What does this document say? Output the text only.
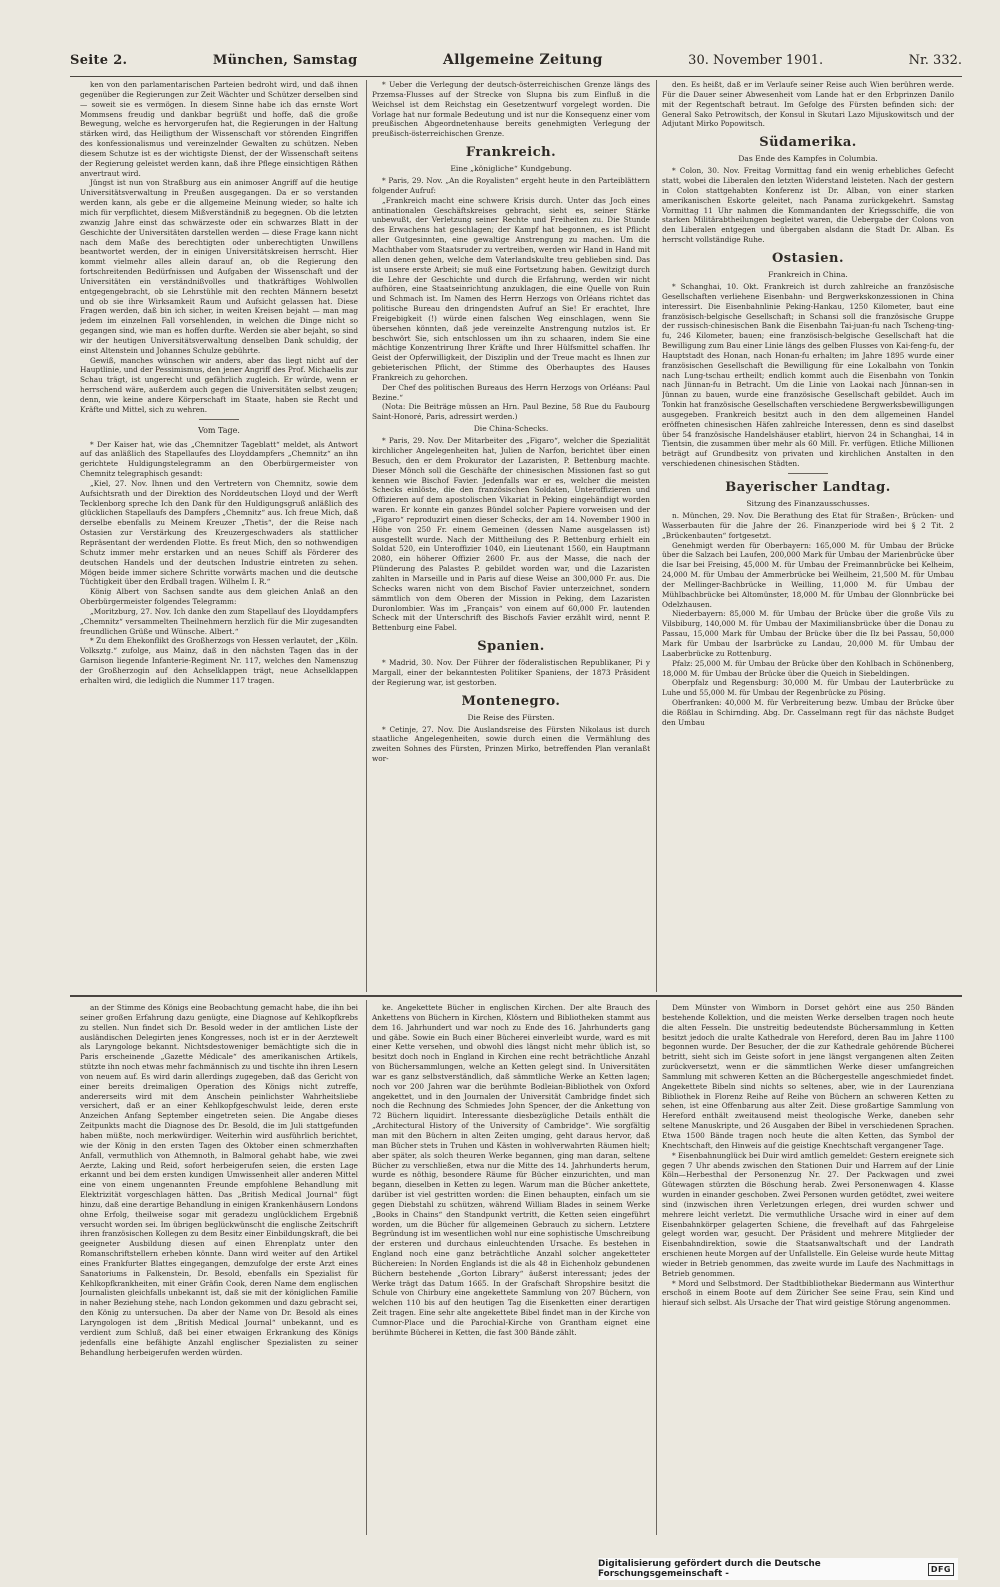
Seite 2.	München, Samstag	Allgemeine Zeitung	30. November 1901.	Nr. 332.

ken von den parlamentarischen Parteien bedroht wird, und daß ihnen gegenüber die Regierungen zur Zeit Wächter und Schützer derselben sind — soweit sie es vermögen. In diesem Sinne habe ich das ernste Wort Mommsens freudig und dankbar begrüßt und hoffe, daß die große Bewegung, welche es hervorgerufen hat, die Regierungen in der Haltung stärken wird, das Heiligthum der Wissenschaft vor störenden Eingriffen des konfessionalismus und vereinzelnder Gewalten zu schützen. Neben diesem Schutze ist es der wichtigste Dienst, der der Wissenschaft seitens der Regierung geleistet werden kann, daß ihre Pflege einsichtigen Räthen anvertraut wird.

Jüngst ist nun von Straßburg aus ein animoser Angriff auf die heutige Universitätsverwaltung in Preußen ausgegangen. Da er so verstanden werden kann, als gebe er die allgemeine Meinung wieder, so halte ich mich für verpflichtet, diesem Mißverständniß zu begegnen. Ob die letzten zwanzig Jahre einst das schwärzeste oder ein schwarzes Blatt in der Geschichte der Universitäten darstellen werden — diese Frage kann nicht nach dem Maße des berechtigten oder unberechtigten Unwillens beantwortet werden, der in einigen Universitätskreisen herrscht. Hier kommt vielmehr alles allein darauf an, ob die Regierung den fortschreitenden Bedürfnissen und Aufgaben der Wissenschaft und der Universitäten ein verständnißvolles und thatkräftiges Wohlwollen entgegengebracht, ob sie Lehrstühle mit den rechten Männern besetzt und ob sie ihre Wirksamkeit Raum und Aufsicht gelassen hat. Diese Fragen werden, daß bin ich sicher, in weiten Kreisen bejaht — man mag jedem im einzelnen Fall vorsehlenden, in welchen die Dinge nicht so gegangen sind, wie man es hoffen durfte. Werden sie aber bejaht, so sind wir der heutigen Universitätsverwaltung denselben Dank schuldig, der einst Altenstein und Johannes Schulze gebührte.

Gewiß, manches wünschen wir anders, aber das liegt nicht auf der Hauptlinie, und der Pessimismus, den jener Angriff des Prof. Michaelis zur Schau trägt, ist ungerecht und gefährlich zugleich. Er würde, wenn er herrschend wäre, außerdem auch gegen die Universitäten selbst zeugen; denn, wie keine andere Körperschaft im Staate, haben sie Recht und Kräfte und Mittel, sich zu wehren.

Vom Tage.

* Der Kaiser hat, wie das „Chemnitzer Tageblatt“ meldet, als Antwort auf das anläßlich des Stapellaufes des Lloyddampfers „Chemnitz“ an ihn gerichtete Huldigungstelegramm an den Oberbürgermeister von Chemnitz telegraphisch gesandt:

„Kiel, 27. Nov. Ihnen und den Vertretern von Chemnitz, sowie dem Aufsichtsrath und der Direktion des Norddeutschen Lloyd und der Werft Tecklenborg spreche Ich den Dank für den Huldigungsgruß anläßlich des glücklichen Stapellaufs des Dampfers „Chemnitz“ aus. Ich freue Mich, daß derselbe ebenfalls zu Meinem Kreuzer „Thetis“, der die Reise nach Ostasien zur Verstärkung des Kreuzergeschwaders als stattlicher Repräsentant der werdenden Flotte. Es freut Mich, den so nothwendigen Schutz immer mehr erstarken und an neues Schiff als Förderer des deutschen Handels und der deutschen Industrie eintreten zu sehen. Mögen beide immer sichere Schritte vorwärts machen und die deutsche Tüchtigkeit über den Erdball tragen. Wilhelm I. R.“

König Albert von Sachsen sandte aus dem gleichen Anlaß an den Oberbürgermeister folgendes Telegramm:

„Moritzburg, 27. Nov. Ich danke den zum Stapellauf des Lloyddampfers „Chemnitz“ versammelten Theilnehmern herzlich für die Mir zugesandten freundlichen Grüße und Wünsche. Albert.“

* Zu dem Ehekonflikt des Großherzogs von Hessen verlautet, der „Köln. Volksztg.“ zufolge, aus Mainz, daß in den nächsten Tagen das in der Garnison liegende Infanterie-Regiment Nr. 117, welches den Namenszug der Großherzogin auf den Achselklappen trägt, neue Achselklappen erhalten wird, die lediglich die Nummer 117 tragen.

* Ueber die Verlegung der deutsch-österreichischen Grenze längs des Przemsa-Flusses auf der Strecke von Slupna bis zum Einfluß in die Weichsel ist dem Reichstag ein Gesetzentwurf vorgelegt worden. Die Vorlage hat nur formale Bedeutung und ist nur die Konsequenz einer vom preußischen Abgeordnetenhause bereits genehmigten Verlegung der preußisch-österreichischen Grenze.

Frankreich.
Eine „königliche“ Kundgebung.

* Paris, 29. Nov. „An die Royalisten“ ergeht heute in den Parteiblättern folgender Aufruf:

„Frankreich macht eine schwere Krisis durch. Unter das Joch eines antinationalen Geschäftskreises gebracht, sieht es, seiner Stärke unbewußt, der Verletzung seiner Rechte und Freiheiten zu. Die Stunde des Erwachens hat geschlagen; der Kampf hat begonnen, es ist Pflicht aller Gutgesinnten, eine gewaltige Anstrengung zu machen. Um die Machthaber vom Staatsruder zu vertreiben, werden wir Hand in Hand mit allen denen gehen, welche dem Vaterlandskulte treu geblieben sind. Das ist unsere erste Arbeit; sie muß eine Fortsetzung haben. Gewitzigt durch die Lehre der Geschichte und durch die Erfahrung, werden wir nicht aufhören, eine Staatseinrichtung anzuklagen, die eine Quelle von Ruin und Schmach ist. Im Namen des Herrn Herzogs von Orléans richtet das politische Bureau den dringendsten Aufruf an Sie! Er erachtet, Ihre Freigebigkeit (!) würde einen falschen Weg einschlagen, wenn Sie übersehen könnten, daß jede vereinzelte Anstrengung nutzlos ist. Er beschwört Sie, sich entschlossen um ihn zu schaaren, indem Sie eine mächtige Konzentrirung Ihrer Kräfte und Ihrer Hülfsmittel schaffen. Ihr Geist der Opferwilligkeit, der Disziplin und der Treue macht es Ihnen zur gebieterischen Pflicht, der Stimme des Oberhauptes des Hauses Frankreich zu gehorchen.

Der Chef des politischen Bureaus des Herrn Herzogs von Orléans: Paul Bezine.“

(Nota: Die Beiträge müssen an Hrn. Paul Bezine, 58 Rue du Faubourg Saint-Honoré, Paris, adressirt werden.)

Die China-Schecks.

* Paris, 29. Nov. Der Mitarbeiter des „Figaro“, welcher die Spezialität kirchlicher Angelegenheiten hat, Julien de Narfon, berichtet über einen Besuch, den er dem Prokurator der Lazaristen, P. Bettenburg machte. Dieser Mönch soll die Geschäfte der chinesischen Missionen fast so gut kennen wie Bischof Favier. Jedenfalls war er es, welcher die meisten Schecks einlöste, die den französischen Soldaten, Unteroffizieren und Offizieren auf dem apostolischen Vikariat in Peking eingehändigt worden waren. Er konnte ein ganzes Bündel solcher Papiere vorweisen und der „Figaro“ reproduzirt einen dieser Schecks, der am 14. November 1900 in Höhe von 250 Fr. einem Gemeinen (dessen Name ausgelassen ist) ausgestellt wurde. Nach der Mittheilung des P. Bettenburg erhielt ein Soldat 520, ein Unteroffizier 1040, ein Lieutenant 1560, ein Hauptmann 2080, ein höherer Offizier 2600 Fr. aus der Masse, die nach der Plünderung des Palastes P. gebildet worden war, und die Lazaristen zahlten in Marseille und in Paris auf diese Weise an 300,000 Fr. aus. Die Schecks waren nicht von dem Bischof Favier unterzeichnet, sondern sämmtlich von dem Oberen der Mission in Peking, dem Lazaristen Duronlombier. Was im „Français“ von einem auf 60,000 Fr. lautenden Scheck mit der Unterschrift des Bischofs Favier erzählt wird, nennt P. Bettenburg eine Fabel.

Spanien.

* Madrid, 30. Nov. Der Führer der föderalistischen Republikaner, Pi y Margall, einer der bekanntesten Politiker Spaniens, der 1873 Präsident der Regierung war, ist gestorben.

Montenegro.
Die Reise des Fürsten.

* Cetinje, 27. Nov. Die Auslandsreise des Fürsten Nikolaus ist durch staatliche Angelegenheiten, sowie durch einen die Vermählung des zweiten Sohnes des Fürsten, Prinzen Mirko, betreffenden Plan veranlaßt wor-

den. Es heißt, daß er im Verlaufe seiner Reise auch Wien berühren werde. Für die Dauer seiner Abwesenheit vom Lande hat er den Erbprinzen Danilo mit der Regentschaft betraut. Im Gefolge des Fürsten befinden sich: der General Sako Petrowitsch, der Konsul in Skutari Lazo Mijuskowitsch und der Adjutant Mirko Popowitsch.

Südamerika.
Das Ende des Kampfes in Columbia.

* Colon, 30. Nov. Freitag Vormittag fand ein wenig erhebliches Gefecht statt, wobei die Liberalen den letzten Widerstand leisteten. Nach der gestern in Colon stattgehabten Konferenz ist Dr. Alban, von einer starken amerikanischen Eskorte geleitet, nach Panama zurückgekehrt. Samstag Vormittag 11 Uhr nahmen die Kommandanten der Kriegsschiffe, die von starken Militärabtheilungen begleitet waren, die Uebergabe der Colons von den Liberalen entgegen und übergaben alsdann die Stadt Dr. Alban. Es herrscht vollständige Ruhe.

Ostasien.
Frankreich in China.

* Schanghai, 10. Okt. Frankreich ist durch zahlreiche an französische Gesellschaften verliehene Eisenbahn- und Bergwerkskonzessionen in China interessirt. Die Eisenbahnlinie Peking-Hankau, 1250 Kilometer, baut eine französisch-belgische Gesellschaft; in Schansi soll die französische Gruppe der russisch-chinesischen Bank die Eisenbahn Tai-juan-fu nach Tscheng-ting-fu, 246 Kilometer, bauen; eine französisch-belgische Gesellschaft hat die Bewilligung zum Bau einer Linie längs des gelben Flusses von Kai-feng-fu, der Hauptstadt des Honan, nach Honan-fu erhalten; im Jahre 1895 wurde einer französischen Gesellschaft die Bewilligung für eine Lokalbahn von Tonkin nach Lung-tschau ertheilt; endlich kommt auch die Eisenbahn von Tonkin nach Jünnan-fu in Betracht. Um die Linie von Laokai nach Jünnan-sen in Jünnan zu bauen, wurde eine französische Gesellschaft gebildet. Auch im Tonkin hat französische Gesellschaften verschiedene Bergwerksbewilligungen ausgegeben. Frankreich besitzt auch in den dem allgemeinen Handel eröffneten chinesischen Häfen zahlreiche Interessen, denn es sind daselbst über 54 französische Handelshäuser etablirt, hiervon 24 in Schanghai, 14 in Tientsin, die zusammen über mehr als 60 Mill. Fr. verfügen. Etliche Millionen beträgt auf Grundbesitz von privaten und kirchlichen Anstalten in den verschiedenen chinesischen Städten.

Bayerischer Landtag.
Sitzung des Finanzausschusses.

n. München, 29. Nov. Die Berathung des Etat für Straßen-, Brücken- und Wasserbauten für die Jahre der 26. Finanzperiode wird bei § 2 Tit. 2 „Brückenbauten“ fortgesetzt.

Genehmigt werden für Oberbayern: 165,000 M. für Umbau der Brücke über die Salzach bei Laufen, 200,000 Mark für Umbau der Marienbrücke über die Isar bei Freising, 45,000 M. für Umbau der Freimannbrücke bei Kelheim, 24,000 M. für Umbau der Ammerbrücke bei Weilheim, 21,500 M. für Umbau der Mellinger-Bachbrücke in Weilling, 11,000 M. für Umbau der Mühlbachbrücke bei Altomünster, 18,000 M. für Umbau der Glonnbrücke bei Odelzhausen.

Niederbayern: 85,000 M. für Umbau der Brücke über die große Vils zu Vilsbiburg, 140,000 M. für Umbau der Maximiliansbrücke über die Donau zu Passau, 15,000 Mark für Umbau der Brücke über die Ilz bei Passau, 50,000 Mark für Umbau der Isarbrücke zu Landau, 20,000 M. für Umbau der Laaberbrücke zu Rottenburg.

Pfalz: 25,000 M. für Umbau der Brücke über den Kohlbach in Schönenberg, 18,000 M. für Umbau der Brücke über die Queich in Siebeldingen.

Oberpfalz und Regensburg: 30,000 M. für Umbau der Lauterbrücke zu Luhe und 55,000 M. für Umbau der Regenbrücke zu Pösing.

Oberfranken: 40,000 M. für Verbreiterung bezw. Umbau der Brücke über die Rößlau in Schirnding. Abg. Dr. Casselmann regt für das nächste Budget den Umbau

an der Stimme des Königs eine Beobachtung gemacht habe, die ihn bei seiner großen Erfahrung dazu genügte, eine Diagnose auf Kehlkopfkrebs zu stellen. Nun findet sich Dr. Besold weder in der amtlichen Liste der ausländischen Delegirten jenes Kongresses, noch ist er in der Aerztewelt als Laryngologe bekannt. Nichtsdestoweniger bemächtigte sich die in Paris erscheinende „Gazette Médicale“ des amerikanischen Artikels, stützte ihn noch etwas mehr fachmännisch zu und tischte ihn ihren Lesern von neuem auf. Es wird darin allerdings zugegeben, daß das Gericht von einer bereits dreimaligen Operation des Königs nicht zutreffe, andererseits wird mit dem Anschein peinlichster Wahrheitsliebe versichert, daß er an einer Kehlkopfgeschwulst leide, deren erste Anzeichen Anfang September eingetreten seien. Die Angabe dieses Zeitpunkts macht die Diagnose des Dr. Besold, die im Juli stattgefunden haben müßte, noch merkwürdiger. Weiterhin wird ausführlich berichtet, wie der König in den ersten Tagen des Oktober einen schmerzhaften Anfall, vermuthlich von Athemnoth, in Balmoral gehabt habe, wie zwei Aerzte, Laking und Reid, sofort herbeigerufen seien, die ersten Lage erkannt und bei dem ersten kundigen Umwissenheit aller anderen Mittel eine von einem ungenannten Freunde empfohlene Behandlung mit Elektrizität vorgeschlagen hätten. Das „British Medical Journal“ fügt hinzu, daß eine derartige Behandlung in einigen Krankenhäusern Londons ohne Erfolg, theilweise sogar mit geradezu unglücklichem Ergebniß versucht worden sei. Im übrigen beglückwünscht die englische Zeitschrift ihren französischen Kollegen zu dem Besitz einer Einbildungskraft, die bei geeigneter Ausbildung diesen auf einen Ehrenplatz unter den Romanschriftstellern erheben könnte. Dann wird weiter auf den Artikel eines Frankfurter Blattes eingegangen, demzufolge der erste Arzt eines Sanatoriums in Falkenstein, Dr. Besold, ebenfalls ein Spezialist für Kehlkopfkrankheiten, mit einer Gräfin Cook, deren Name dem englischen Journalisten gleichfalls unbekannt ist, daß sie mit der königlichen Familie in naher Beziehung stehe, nach London gekommen und dazu gebracht sei, den König zu untersuchen. Da aber der Name von Dr. Besold als eines Laryngologen ist dem „British Medical Journal“ unbekannt, und es verdient zum Schluß, daß bei einer etwaigen Erkrankung des Königs jedenfalls eine befähigte Anzahl englischer Spezialisten zu seiner Behandlung herbeigerufen werden würden.

ke. Angekettete Bücher in englischen Kirchen. Der alte Brauch des Ankettens von Büchern in Kirchen, Klöstern und Bibliotheken stammt aus dem 16. Jahrhundert und war noch zu Ende des 16. Jahrhunderts gang und gäbe. Sowie ein Buch einer Bücherei einverleibt wurde, ward es mit einer Kette versehen, und obwohl dies längst nicht mehr üblich ist, so besitzt doch noch in England in Kirchen eine recht beträchtliche Anzahl von Büchersammlungen, welche an Ketten gelegt sind. In Universitäten war es ganz selbstverständlich, daß sämmtliche Werke an Ketten lagen; noch vor 200 Jahren war die berühmte Bodleian-Bibliothek von Oxford angekettet, und in den Journalen der Universität Cambridge findet sich noch die Rechnung des Schmiedes John Spencer, der die Ankettung von 72 Büchern liquidirt. Interessante diesbezügliche Details enthält die „Architectural History of the University of Cambridge“. Wie sorgfältig man mit den Büchern in alten Zeiten umging, geht daraus hervor, daß man Bücher stets in Truhen und Kästen in wohlverwahrten Räumen hielt; aber später, als solch theuren Werke begannen, ging man daran, seltene Bücher zu verschließen, etwa nur die Mitte des 14. Jahrhunderts herum, wurde es nöthig, besondere Räume für Bücher einzurichten, und man begann, dieselben in Ketten zu legen. Warum man die Bücher ankettete, darüber ist viel gestritten worden: die Einen behaupten, einfach um sie gegen Diebstahl zu schützen, während William Blades in seinem Werke „Books in Chains“ den Standpunkt vertritt, die Ketten seien eingeführt worden, um die Bücher für allgemeinen Gebrauch zu sichern. Letztere Begründung ist im wesentlichen wohl nur eine sophistische Umschreibung der ersteren und durchaus einleuchtenden Ursache. Es bestehen in England noch eine ganz beträchtliche Anzahl solcher angeketteter Büchereien: In Norden Englands ist die als 48 in Eichenholz gebundenen Büchern bestehende „Gorton Library“ äußerst interessant; jedes der Werke trägt das Datum 1665. In der Grafschaft Shropshire besitzt die Schule von Chirbury eine angekettete Sammlung von 207 Büchern, von welchen 110 bis auf den heutigen Tag die Eisenketten einer derartigen Zeit tragen. Eine sehr alte angekettete Bibel findet man in der Kirche von Cumnor-Place und die Parochial-Kirche von Grantham eignet eine berühmte Bücherei in Ketten, die fast 300 Bände zählt.

Dem Münster von Wimborn in Dorset gehört eine aus 250 Bänden bestehende Kollektion, und die meisten Werke derselben tragen noch heute die alten Fesseln. Die unstreitig bedeutendste Büchersammlung in Ketten besitzt jedoch die uralte Kathedrale von Hereford, deren Bau im Jahre 1100 begonnen wurde. Der Besucher, der die zur Kathedrale gehörende Bücherei betritt, sieht sich im Geiste sofort in jene längst vergangenen alten Zeiten zurückversetzt, wenn er die sämmtlichen Werke dieser umfangreichen Sammlung mit schweren Ketten an die Büchergestelle angeschmiedet findet. Angekettete Bibeln sind nichts so seltenes, aber, wie in der Laurenziana Bibliothek in Florenz Reihe auf Reihe von Büchern an schweren Ketten zu sehen, ist eine Offenbarung aus alter Zeit. Diese großartige Sammlung von Hereford enthält zweitausend meist theologische Werke, daneben sehr seltene Manuskripte, und 26 Ausgaben der Bibel in verschiedenen Sprachen. Etwa 1500 Bände tragen noch heute die alten Ketten, das Symbol der Knechtschaft, den Hinweis auf die geistige Knechtschaft vergangener Tage.

* Eisenbahnunglück bei Duir wird amtlich gemeldet: Gestern ereignete sich gegen 7 Uhr abends zwischen den Stationen Duir und Harrem auf der Linie Köln—Herbesthal der Personenzug Nr. 27. Der Packwagen und zwei Gütewagen stürzten die Böschung herab. Zwei Personenwagen 4. Klasse wurden in einander geschoben. Zwei Personen wurden getödtet, zwei weitere sind (inzwischen ihren Verletzungen erlegen, drei wurden schwer und mehrere leicht verletzt. Die vermuthliche Ursache wird in einer auf dem Eisenbahnkörper gelagerten Schiene, die frevelhaft auf das Fahrgeleise gelegt worden war, gesucht. Der Präsident und mehrere Mitglieder der Eisenbahndirektion, sowie die Staatsanwaltschaft und der Landrath erschienen heute Morgen auf der Unfallstelle. Ein Geleise wurde heute Mittag wieder in Betrieb genommen, das zweite wurde im Laufe des Nachmittags in Betrieb genommen.

* Mord und Selbstmord. Der Stadtbibliothekar Biedermann aus Winterthur erschoß in einem Boote auf dem Züricher See seine Frau, sein Kind und hierauf sich selbst. Als Ursache der That wird geistige Störung angenommen.

Digitalisierung gefördert durch die Deutsche Forschungsgemeinschaft -	DFG
